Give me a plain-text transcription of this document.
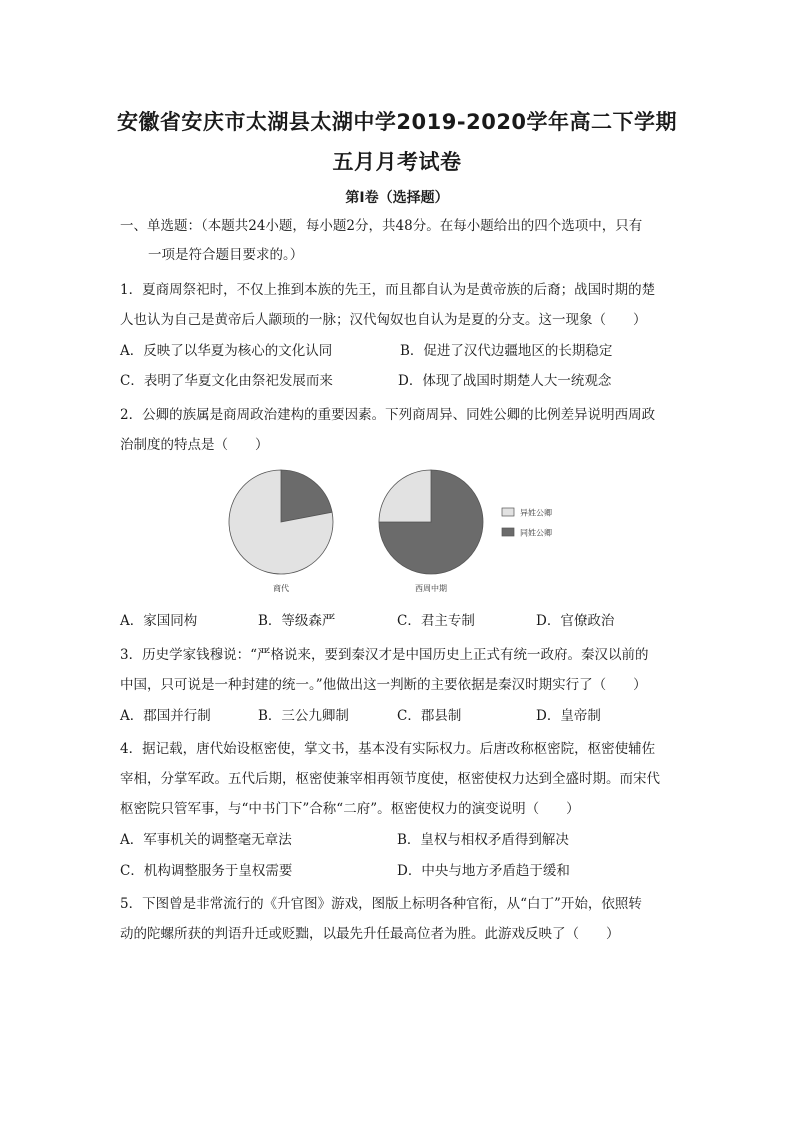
安徽省安庆市太湖县太湖中学2019-2020学年高二下学期
五月月考试卷
第I卷（选择题）
一、单选题：（本题共24小题，每小题2分，共48分。在每小题给出的四个选项中，只有
一项是符合题目要求的。）
1．夏商周祭祀时，不仅上推到本族的先王，而且都自认为是黄帝族的后裔；战国时期的楚
人也认为自己是黄帝后人颛顼的一脉；汉代匈奴也自认为是夏的分支。这一现象（　　）
A．反映了以华夏为核心的文化认同	B．促进了汉代边疆地区的长期稳定
C．表明了华夏文化由祭祀发展而来	D．体现了战国时期楚人大一统观念
2．公卿的族属是商周政治建构的重要因素。下列商周异、同姓公卿的比例差异说明西周政
治制度的特点是（　　）
商代	西周中期
异姓公卿
同姓公卿
A．家国同构	B．等级森严	C．君主专制	D．官僚政治
3．历史学家钱穆说：“严格说来，要到秦汉才是中国历史上正式有统一政府。秦汉以前的
中国，只可说是一种封建的统一。”他做出这一判断的主要依据是秦汉时期实行了（　　）
A．郡国并行制	B．三公九卿制	C．郡县制	D．皇帝制
4．据记载，唐代始设枢密使，掌文书，基本没有实际权力。后唐改称枢密院，枢密使辅佐
宰相，分掌军政。五代后期，枢密使兼宰相再领节度使，枢密使权力达到全盛时期。而宋代
枢密院只管军事，与“中书门下”合称“二府”。枢密使权力的演变说明（　　）
A．军事机关的调整毫无章法	B．皇权与相权矛盾得到解决
C．机构调整服务于皇权需要	D．中央与地方矛盾趋于缓和
5．下图曾是非常流行的《升官图》游戏，图版上标明各种官衔，从“白丁”开始，依照转
动的陀螺所获的判语升迁或贬黜，以最先升任最高位者为胜。此游戏反映了（　　）
